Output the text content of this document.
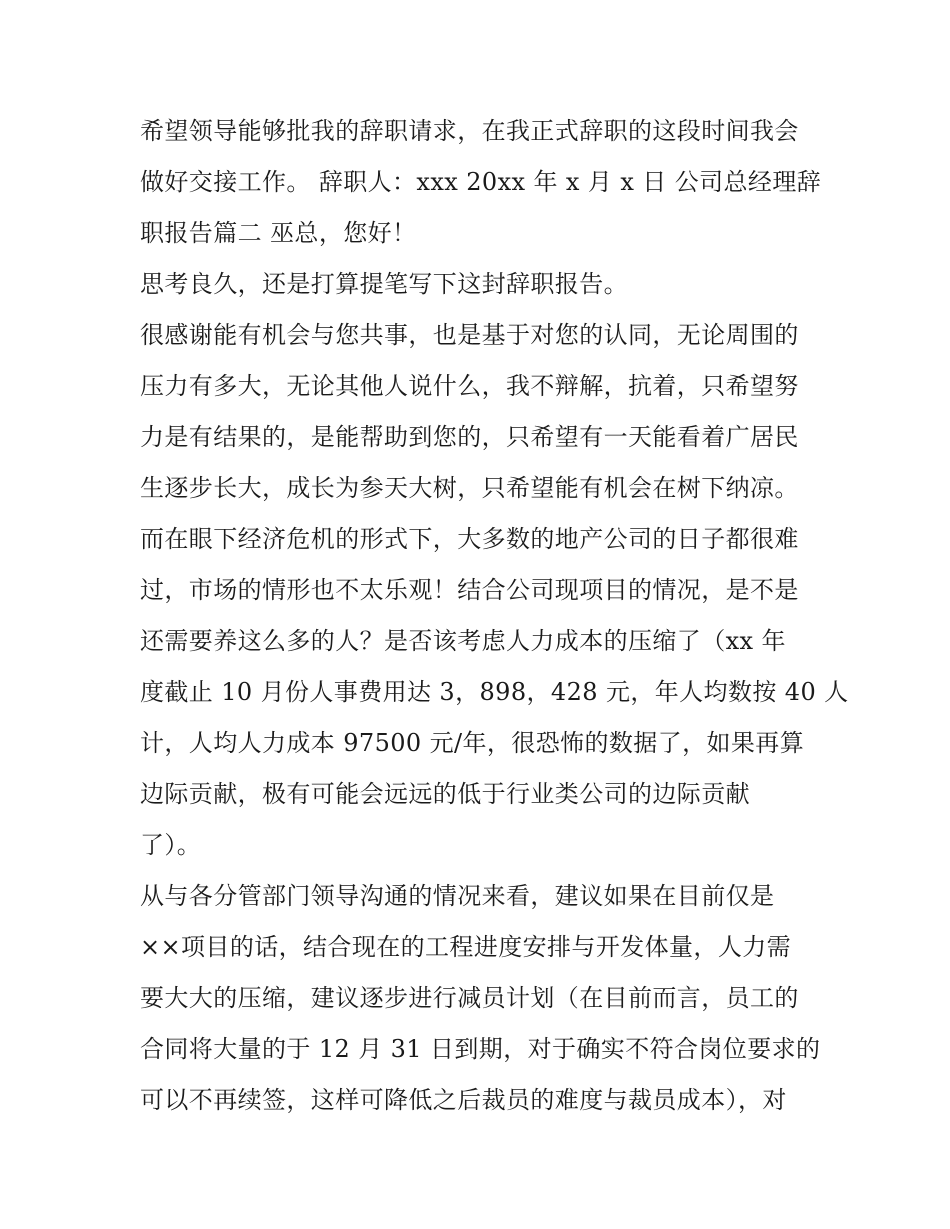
希望领导能够批我的辞职请求，在我正式辞职的这段时间我会
做好交接工作。 辞职人：xxx 20xx 年 x 月 x 日 公司总经理辞
职报告篇二 巫总，您好！
思考良久，还是打算提笔写下这封辞职报告。
很感谢能有机会与您共事，也是基于对您的认同，无论周围的
压力有多大，无论其他人说什么，我不辩解，抗着，只希望努
力是有结果的，是能帮助到您的，只希望有一天能看着广居民
生逐步长大，成长为参天大树，只希望能有机会在树下纳凉。
而在眼下经济危机的形式下，大多数的地产公司的日子都很难
过，市场的情形也不太乐观！结合公司现项目的情况，是不是
还需要养这么多的人？是否该考虑人力成本的压缩了（xx 年
度截止 10 月份人事费用达 3，898，428 元，年人均数按 40 人
计，人均人力成本 97500 元/年，很恐怖的数据了，如果再算
边际贡献，极有可能会远远的低于行业类公司的边际贡献
了）。
从与各分管部门领导沟通的情况来看，建议如果在目前仅是
××项目的话，结合现在的工程进度安排与开发体量，人力需
要大大的压缩，建议逐步进行减员计划（在目前而言，员工的
合同将大量的于 12 月 31 日到期，对于确实不符合岗位要求的
可以不再续签，这样可降低之后裁员的难度与裁员成本），对
